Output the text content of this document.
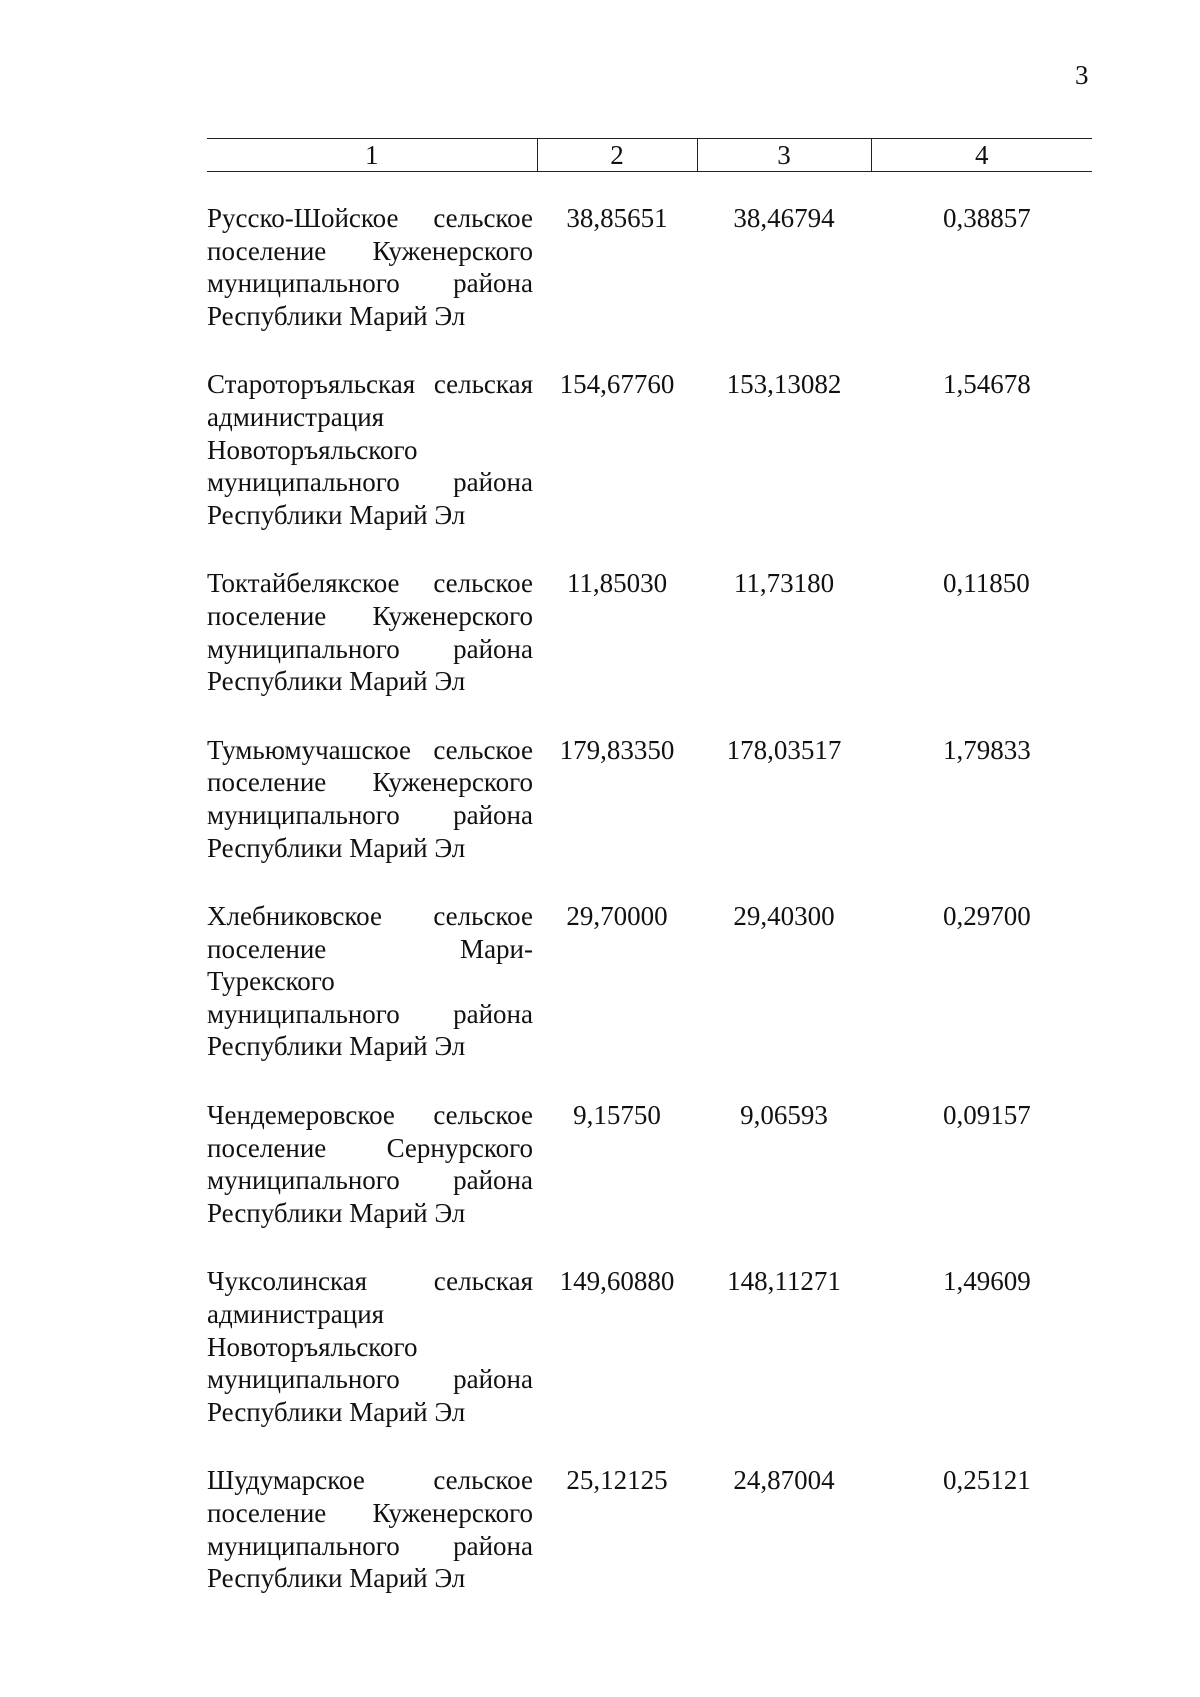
3
1	2	3	4
Русско-Шойское сельское поселение Куженерского муниципального района Республики Марий Эл	38,85651	38,46794	0,38857
Староторъяльская сельская администрация Новоторъяльского муниципального района Республики Марий Эл	154,67760	153,13082	1,54678
Токтайбелякское сельское поселение Куженерского муниципального района Республики Марий Эл	11,85030	11,73180	0,11850
Тумьюмучашское сельское поселение Куженерского муниципального района Республики Марий Эл	179,83350	178,03517	1,79833
Хлебниковское сельское поселение Мари-Турекского муниципального района Республики Марий Эл	29,70000	29,40300	0,29700
Чендемеровское сельское поселение Сернурского муниципального района Республики Марий Эл	9,15750	9,06593	0,09157
Чуксолинская сельская администрация Новоторъяльского муниципального района Республики Марий Эл	149,60880	148,11271	1,49609
Шудумарское сельское поселение Куженерского муниципального района Республики Марий Эл	25,12125	24,87004	0,25121
